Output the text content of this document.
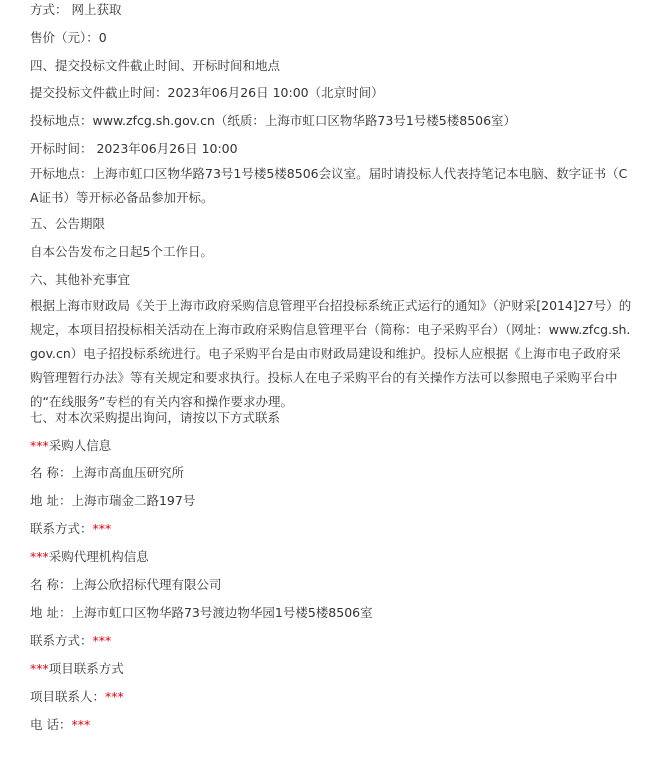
方式： 网上获取
售价（元）：0
四、提交投标文件截止时间、开标时间和地点
提交投标文件截止时间：2023年06月26日 10:00（北京时间）
投标地点：www.zfcg.sh.gov.cn（纸质：上海市虹口区物华路73号1号楼5楼8506室）
开标时间： 2023年06月26日 10:00
开标地点：上海市虹口区物华路73号1号楼5楼8506会议室。届时请投标人代表持笔记本电脑、数字证书（CA证书）等开标必备品参加开标。
五、公告期限
自本公告发布之日起5个工作日。
六、其他补充事宜
根据上海市财政局《关于上海市政府采购信息管理平台招投标系统正式运行的通知》（沪财采[2014]27号）的规定，本项目招投标相关活动在上海市政府采购信息管理平台（简称：电子采购平台）（网址：www.zfcg.sh.gov.cn）电子招投标系统进行。电子采购平台是由市财政局建设和维护。投标人应根据《上海市电子政府采购管理暂行办法》等有关规定和要求执行。投标人在电子采购平台的有关操作方法可以参照电子采购平台中的“在线服务”专栏的有关内容和操作要求办理。
七、对本次采购提出询问，请按以下方式联系
***采购人信息
名 称：上海市高血压研究所
地 址：上海市瑞金二路197号
联系方式：***
***采购代理机构信息
名 称：上海公欣招标代理有限公司
地 址：上海市虹口区物华路73号渡边物华园1号楼5楼8506室
联系方式：***
***项目联系方式
项目联系人：***
电 话：***
